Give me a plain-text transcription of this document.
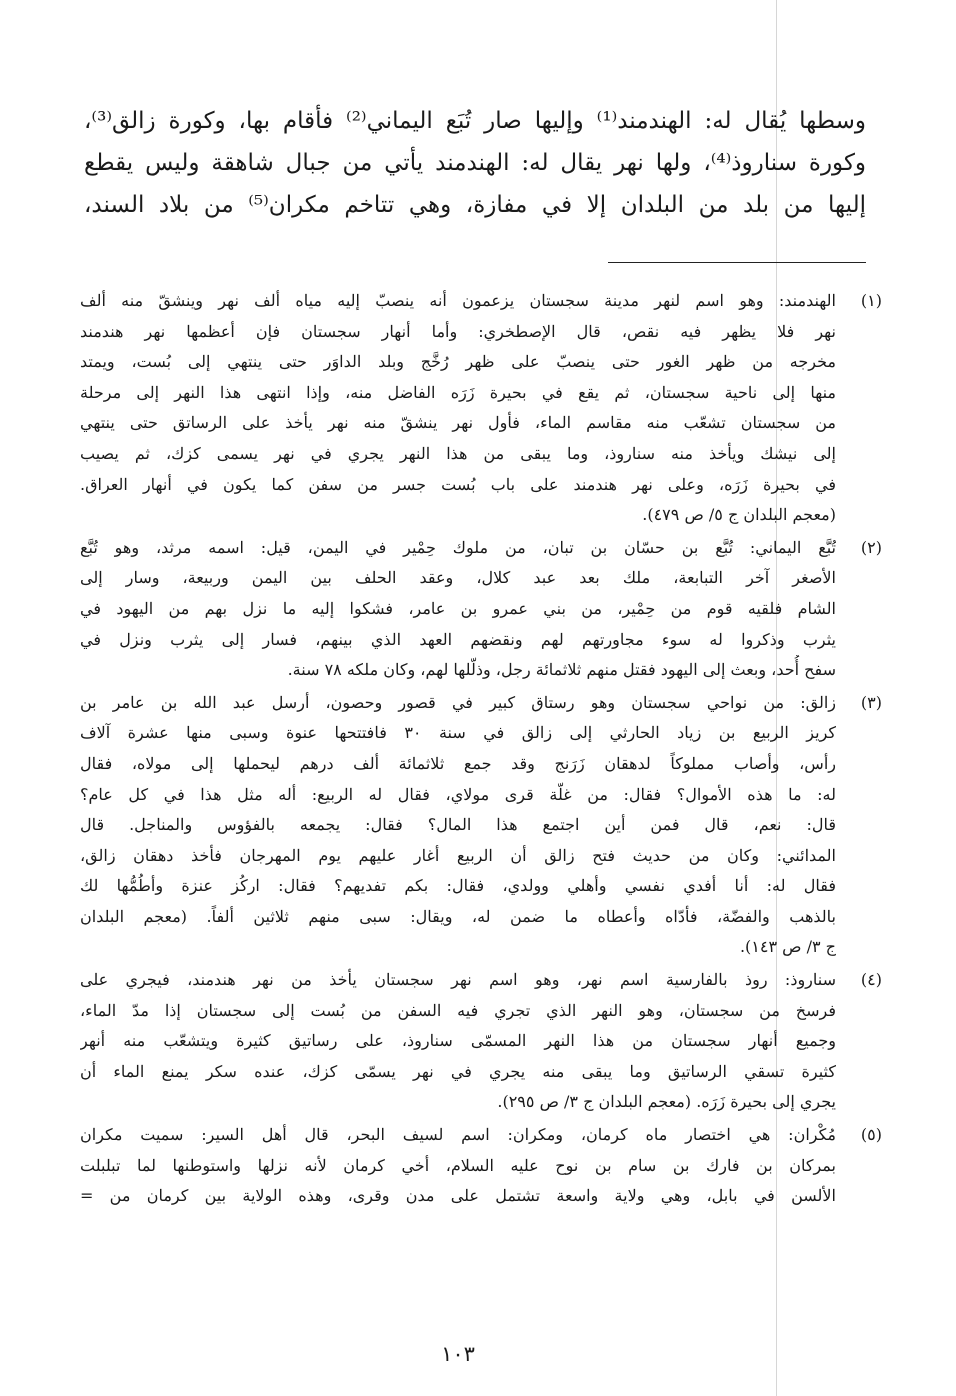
وسطها يُقال له: الهندمند⁽¹⁾ وإليها صار تُبَع اليماني⁽²⁾ فأقام بها، وكورة زالق⁽³⁾،
وكورة سناروذ⁽⁴⁾، ولها نهر يقال له: الهندمند يأتي من جبال شاهقة وليس يقطع
إليها من بلد من البلدان إلا في مفازة، وهي تتاخم مكران⁽⁵⁾ من بلاد السند،
(١)
الهندمند: وهو اسم لنهر مدينة سجستان يزعمون أنه ينصبّ إليه مياه ألف نهر وينشقّ منه ألف
نهر فلا يظهر فيه نقص، قال الإصطخري: وأما أنهار سجستان فإن أعظمها نهر هندمند
مخرجه من ظهر الغور حتى ينصبّ على ظهر رُخَّج وبلد الداوَر حتى ينتهي إلى بُست، ويمتد
منها إلى ناحية سجستان، ثم يقع في بحيرة زَرَه الفاضل منه، وإذا انتهى هذا النهر إلى مرحلة
من سجستان تشعّب منه مقاسم الماء، فأول نهر ينشقّ منه نهر يأخذ على الرساتق حتى ينتهي
إلى نيشك ويأخذ منه سناروذ، وما يبقى من هذا النهر يجري في نهر يسمى كزك، ثم يصيب
في بحيرة زَرَه، وعلى نهر هندمند على باب بُست جسر من سفن كما يكون في أنهار العراق.
(معجم البلدان ج ٥/ ص ٤٧٩).
(٢)
تُبَّع اليماني: تُبَّع بن حسّان بن تبان، من ملوك حِمْير في اليمن، قيل: اسمه مرثد، وهو تُبَّع
الأصغر آخر التبابعة، ملك بعد عبد كلال، وعقد الحلف بين اليمن وربيعة، وسار إلى
الشام فلقيه قوم من حِمْير، من بني عمرو بن عامر، فشكوا إليه ما نزل بهم من اليهود في
يثرب وذكروا له سوء مجاورتهم لهم ونقضهم العهد الذي بينهم، فسار إلى يثرب ونزل في
سفح أُحد، وبعث إلى اليهود فقتل منهم ثلاثمائة رجل، وذلّلها لهم، وكان ملكه ٧٨ سنة.
(٣)
زالق: من نواحي سجستان وهو رستاق كبير في قصور وحصون، أرسل عبد الله بن عامر بن
كريز الربيع بن زياد الحارثي إلى زالق في سنة ٣٠ فافتتحها عنوة وسبى منها عشرة آلاف
رأس، وأصاب مملوكاً لدهقان زَرَنج وقد جمع ثلاثمائة ألف درهم ليحملها إلى مولاه، فقال
له: ما هذه الأموال؟ فقال: من غلّة قرى مولاي، فقال له الربيع: أله مثل هذا في كل عام؟
قال: نعم، قال فمن أين اجتمع هذا المال؟ فقال: يجمعه بالفؤوس والمناجل. قال
المدائني: وكان من حديث فتح زالق أن الربيع أغار عليهم يوم المهرجان فأخذ دهقان زالق،
فقال له: أنا أفدي نفسي وأهلي وولدي، فقال: بكم تفديهم؟ فقال: اركُز عنزة وأطُمُّها لك
بالذهب والفضّة، فأدّاه وأعطاه ما ضمن له، ويقال: سبى منهم ثلاثين ألفاً. (معجم البلدان
ج ٣/ ص ١٤٣).
(٤)
سناروذ: روذ بالفارسية اسم نهر، وهو اسم نهر سجستان يأخذ من نهر هندمند، فيجري على
فرسخ من سجستان، وهو النهر الذي تجري فيه السفن من بُست إلى سجستان إذا مدّ الماء،
وجميع أنهار سجستان من هذا النهر المسمّى سناروذ، على رساتيق كثيرة ويتشعّب منه أنهر
كثيرة تسقي الرساتيق وما يبقى منه يجري في نهر يسمّى كزك، عنده سكر يمنع الماء أن
يجري إلى بحيرة زَرَه. (معجم البلدان ج ٣/ ص ٢٩٥).
(٥)
مُكْران: هي اختصار ماه كرمان، ومكران: اسم لسيف البحر، قال أهل السير: سميت مكران
بمركان بن فارك بن سام بن نوح عليه السلام، أخي كرمان لأنه نزلها واستوطنها لما تبلبلت
الألسن في بابل، وهي ولاية واسعة تشتمل على مدن وقرى، وهذه الولاية بين كرمان من =
١٠٣
